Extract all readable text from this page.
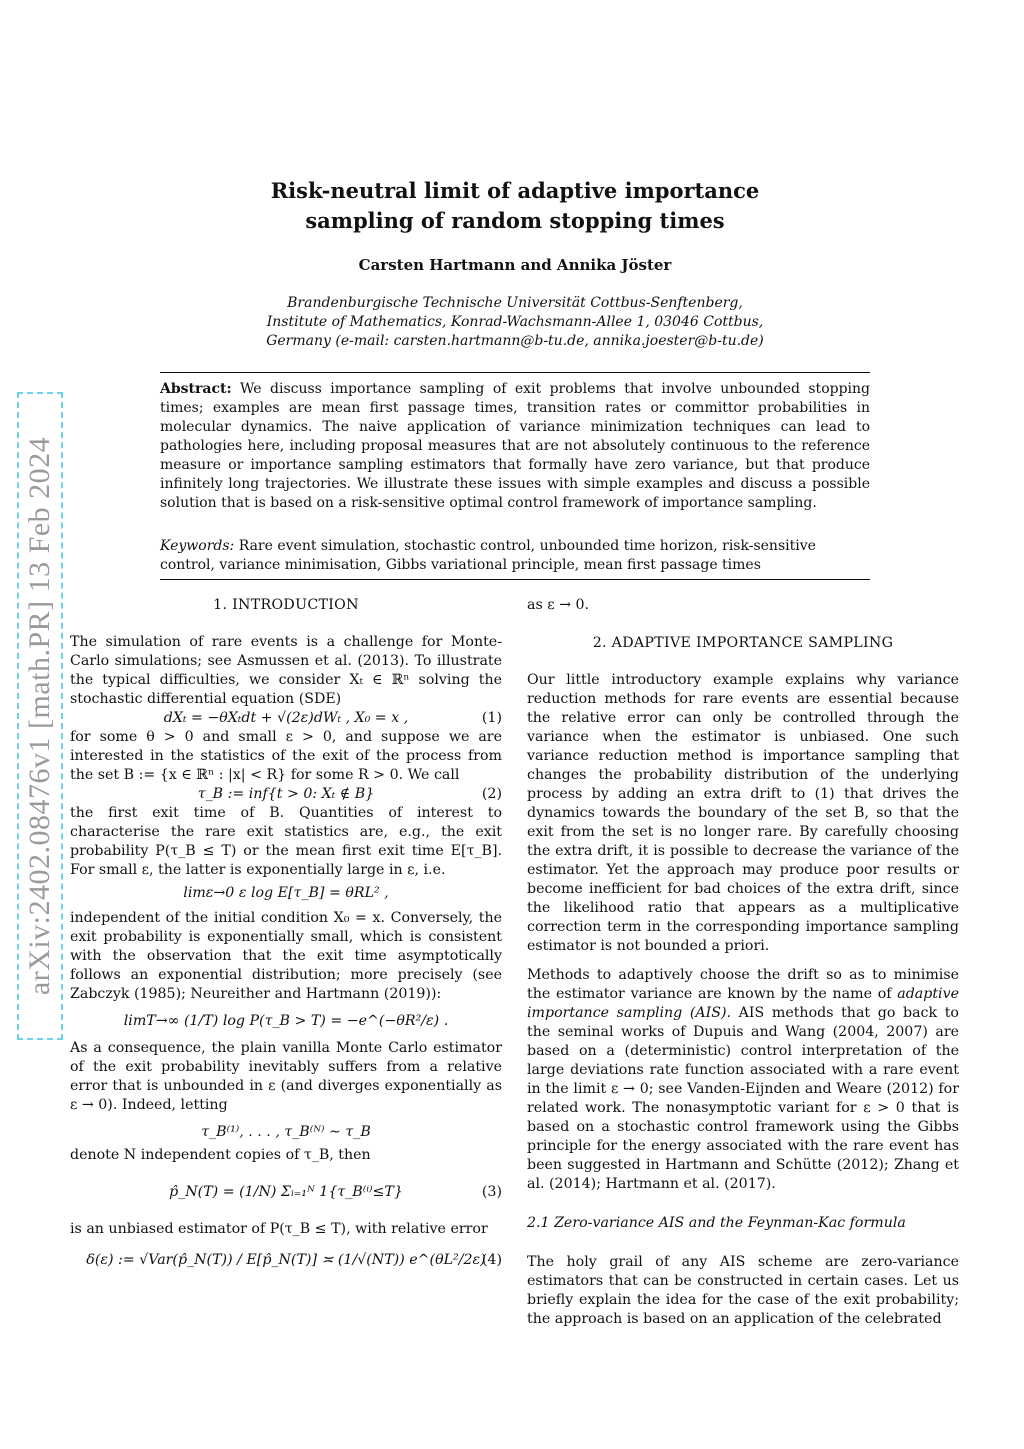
arXiv:2402.08476v1 [math.PR] 13 Feb 2024
Risk-neutral limit of adaptive importance
sampling of random stopping times
Carsten Hartmann and Annika Jöster
Brandenburgische Technische Universität Cottbus-Senftenberg,
Institute of Mathematics, Konrad-Wachsmann-Allee 1, 03046 Cottbus,
Germany (e-mail: carsten.hartmann@b-tu.de, annika.joester@b-tu.de)
Abstract: We discuss importance sampling of exit problems that involve unbounded stopping times; examples are mean first passage times, transition rates or committor probabilities in molecular dynamics. The naive application of variance minimization techniques can lead to pathologies here, including proposal measures that are not absolutely continuous to the reference measure or importance sampling estimators that formally have zero variance, but that produce infinitely long trajectories. We illustrate these issues with simple examples and discuss a possible solution that is based on a risk-sensitive optimal control framework of importance sampling.
Keywords: Rare event simulation, stochastic control, unbounded time horizon, risk-sensitive control, variance minimisation, Gibbs variational principle, mean first passage times

1. INTRODUCTION

The simulation of rare events is a challenge for Monte-Carlo simulations; see Asmussen et al. (2013). To illustrate the typical difficulties, we consider Xₜ ∈ ℝⁿ solving the stochastic differential equation (SDE)

dXₜ = −θXₜdt + √(2ε)dWₜ , X₀ = x ,	(1)

for some θ > 0 and small ε > 0, and suppose we are interested in the statistics of the exit of the process from the set B := {x ∈ ℝⁿ : |x| < R} for some R > 0. We call

τ_B := inf{t > 0: Xₜ ∉ B}	(2)

the first exit time of B. Quantities of interest to characterise the rare exit statistics are, e.g., the exit probability P(τ_B ≤ T) or the mean first exit time E[τ_B]. For small ε, the latter is exponentially large in ε, i.e.

limε→0 ε log E[τ_B] = θRL² ,

independent of the initial condition X₀ = x. Conversely, the exit probability is exponentially small, which is consistent with the observation that the exit time asymptotically follows an exponential distribution; more precisely (see Zabczyk (1985); Neureither and Hartmann (2019)):

limT→∞ (1/T) log P(τ_B > T) = −e^(−θR²/ε) .

As a consequence, the plain vanilla Monte Carlo estimator of the exit probability inevitably suffers from a relative error that is unbounded in ε (and diverges exponentially as ε → 0). Indeed, letting

τ_B⁽¹⁾, . . . , τ_B⁽ᴺ⁾ ∼ τ_B

denote N independent copies of τ_B, then

p̂_N(T) = (1/N) Σᵢ₌₁ᴺ 1{τ_B⁽ⁱ⁾≤T}	(3)

is an unbiased estimator of P(τ_B ≤ T), with relative error

δ(ε) := √Var(p̂_N(T)) / E[p̂_N(T)] ≍ (1/√(NT)) e^(θL²/2ε)
(4)

as ε → 0.

2. ADAPTIVE IMPORTANCE SAMPLING

Our little introductory example explains why variance reduction methods for rare events are essential because the relative error can only be controlled through the variance when the estimator is unbiased. One such variance reduction method is importance sampling that changes the probability distribution of the underlying process by adding an extra drift to (1) that drives the dynamics towards the boundary of the set B, so that the exit from the set is no longer rare. By carefully choosing the extra drift, it is possible to decrease the variance of the estimator. Yet the approach may produce poor results or become inefficient for bad choices of the extra drift, since the likelihood ratio that appears as a multiplicative correction term in the corresponding importance sampling estimator is not bounded a priori.

Methods to adaptively choose the drift so as to minimise the estimator variance are known by the name of adaptive importance sampling (AIS). AIS methods that go back to the seminal works of Dupuis and Wang (2004, 2007) are based on a (deterministic) control interpretation of the large deviations rate function associated with a rare event in the limit ε → 0; see Vanden-Eijnden and Weare (2012) for related work. The nonasymptotic variant for ε > 0 that is based on a stochastic control framework using the Gibbs principle for the energy associated with the rare event has been suggested in Hartmann and Schütte (2012); Zhang et al. (2014); Hartmann et al. (2017).

2.1 Zero-variance AIS and the Feynman-Kac formula

The holy grail of any AIS scheme are zero-variance estimators that can be constructed in certain cases. Let us briefly explain the idea for the case of the exit probability; the approach is based on an application of the celebrated
